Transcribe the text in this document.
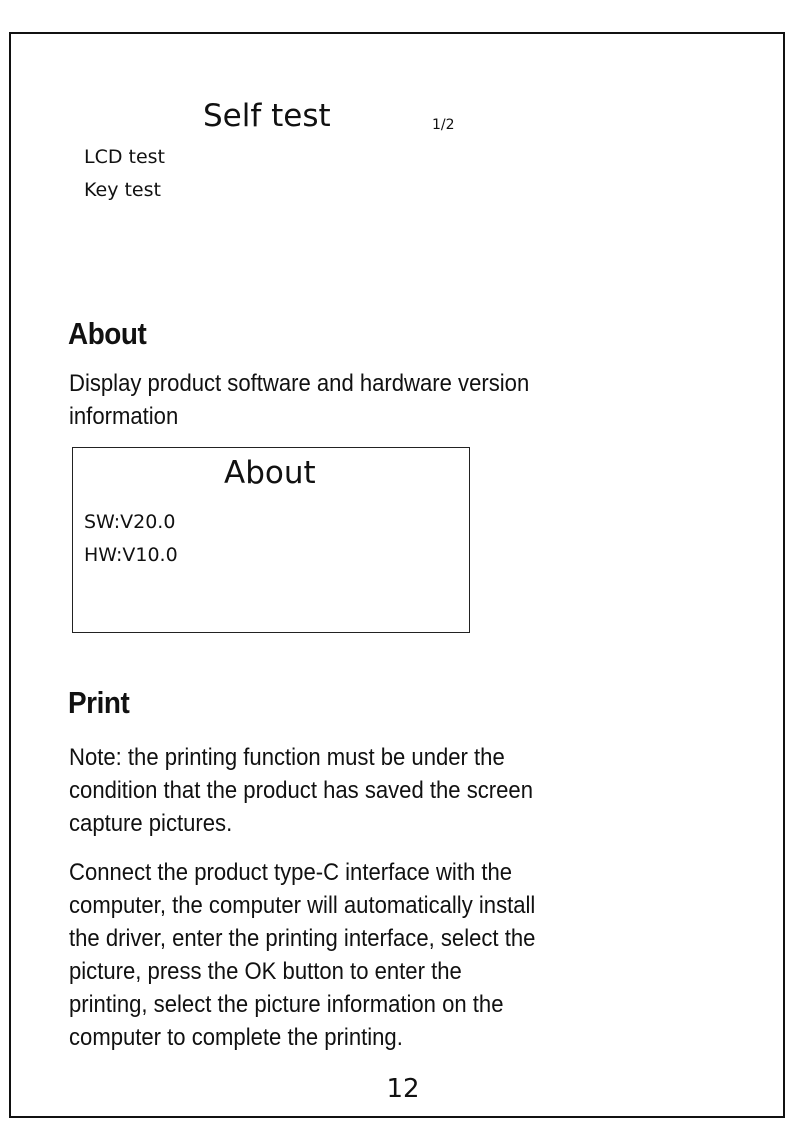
Self test	1/2
LCD test
Key test
About
Display product software and hardware version
information
About
SW:V20.0
HW:V10.0
Print
Note: the printing function must be under the
condition that the product has saved the screen
capture pictures.
Connect the product type-C interface with the
computer, the computer will automatically install
the driver, enter the printing interface, select the
picture, press the OK button to enter the
printing, select the picture information on the
computer to complete the printing.
12
